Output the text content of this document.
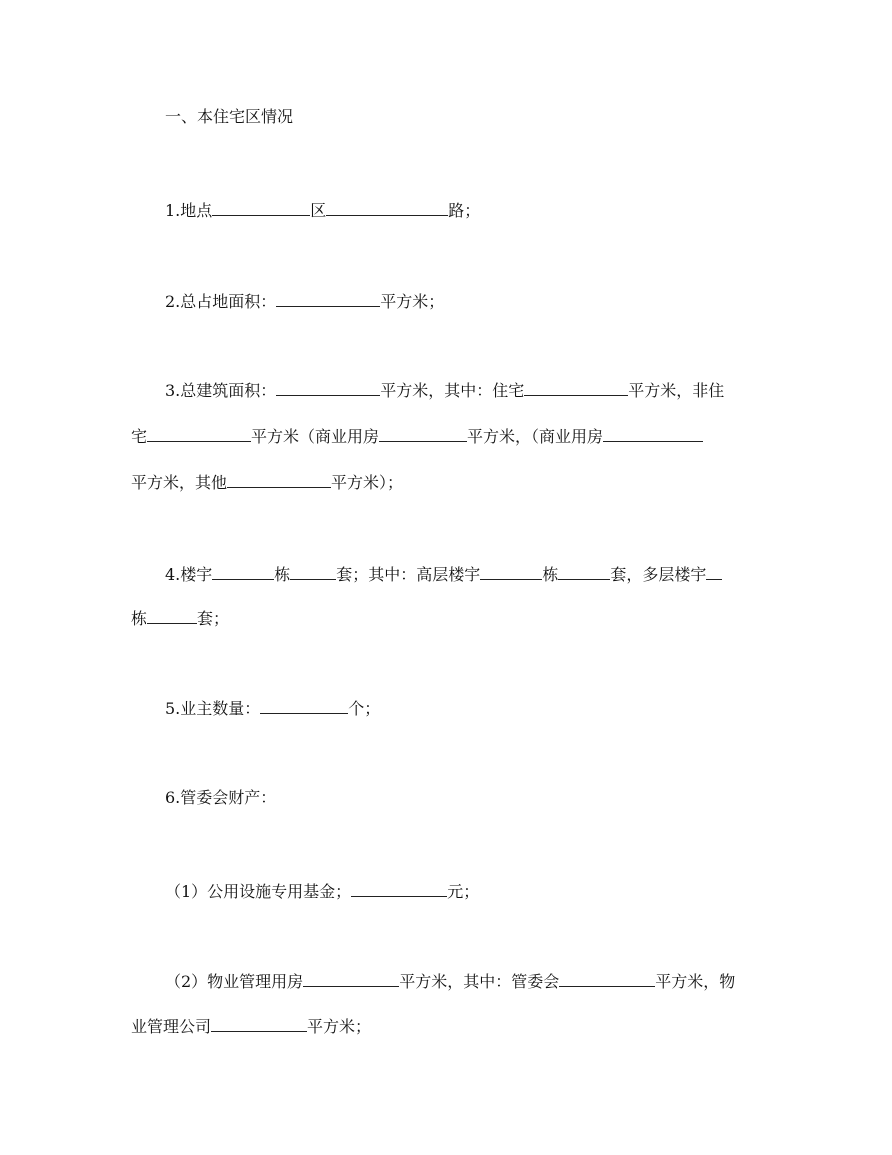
一、本住宅区情况
1.地点	区	路；
2.总占地面积：	平方米；
3.总建筑面积：	平方米，其中：住宅	平方米，非住
宅	平方米（商业用房	平方米，（商业用房
平方米，其他	平方米）；
4.楼宇	栋	套；其中：高层楼宇	栋	套，多层楼宇
栋	套；
5.业主数量：	个；
6.管委会财产：
（1）公用设施专用基金；	元；
（2）物业管理用房	平方米，其中：管委会	平方米，物
业管理公司	平方米；
